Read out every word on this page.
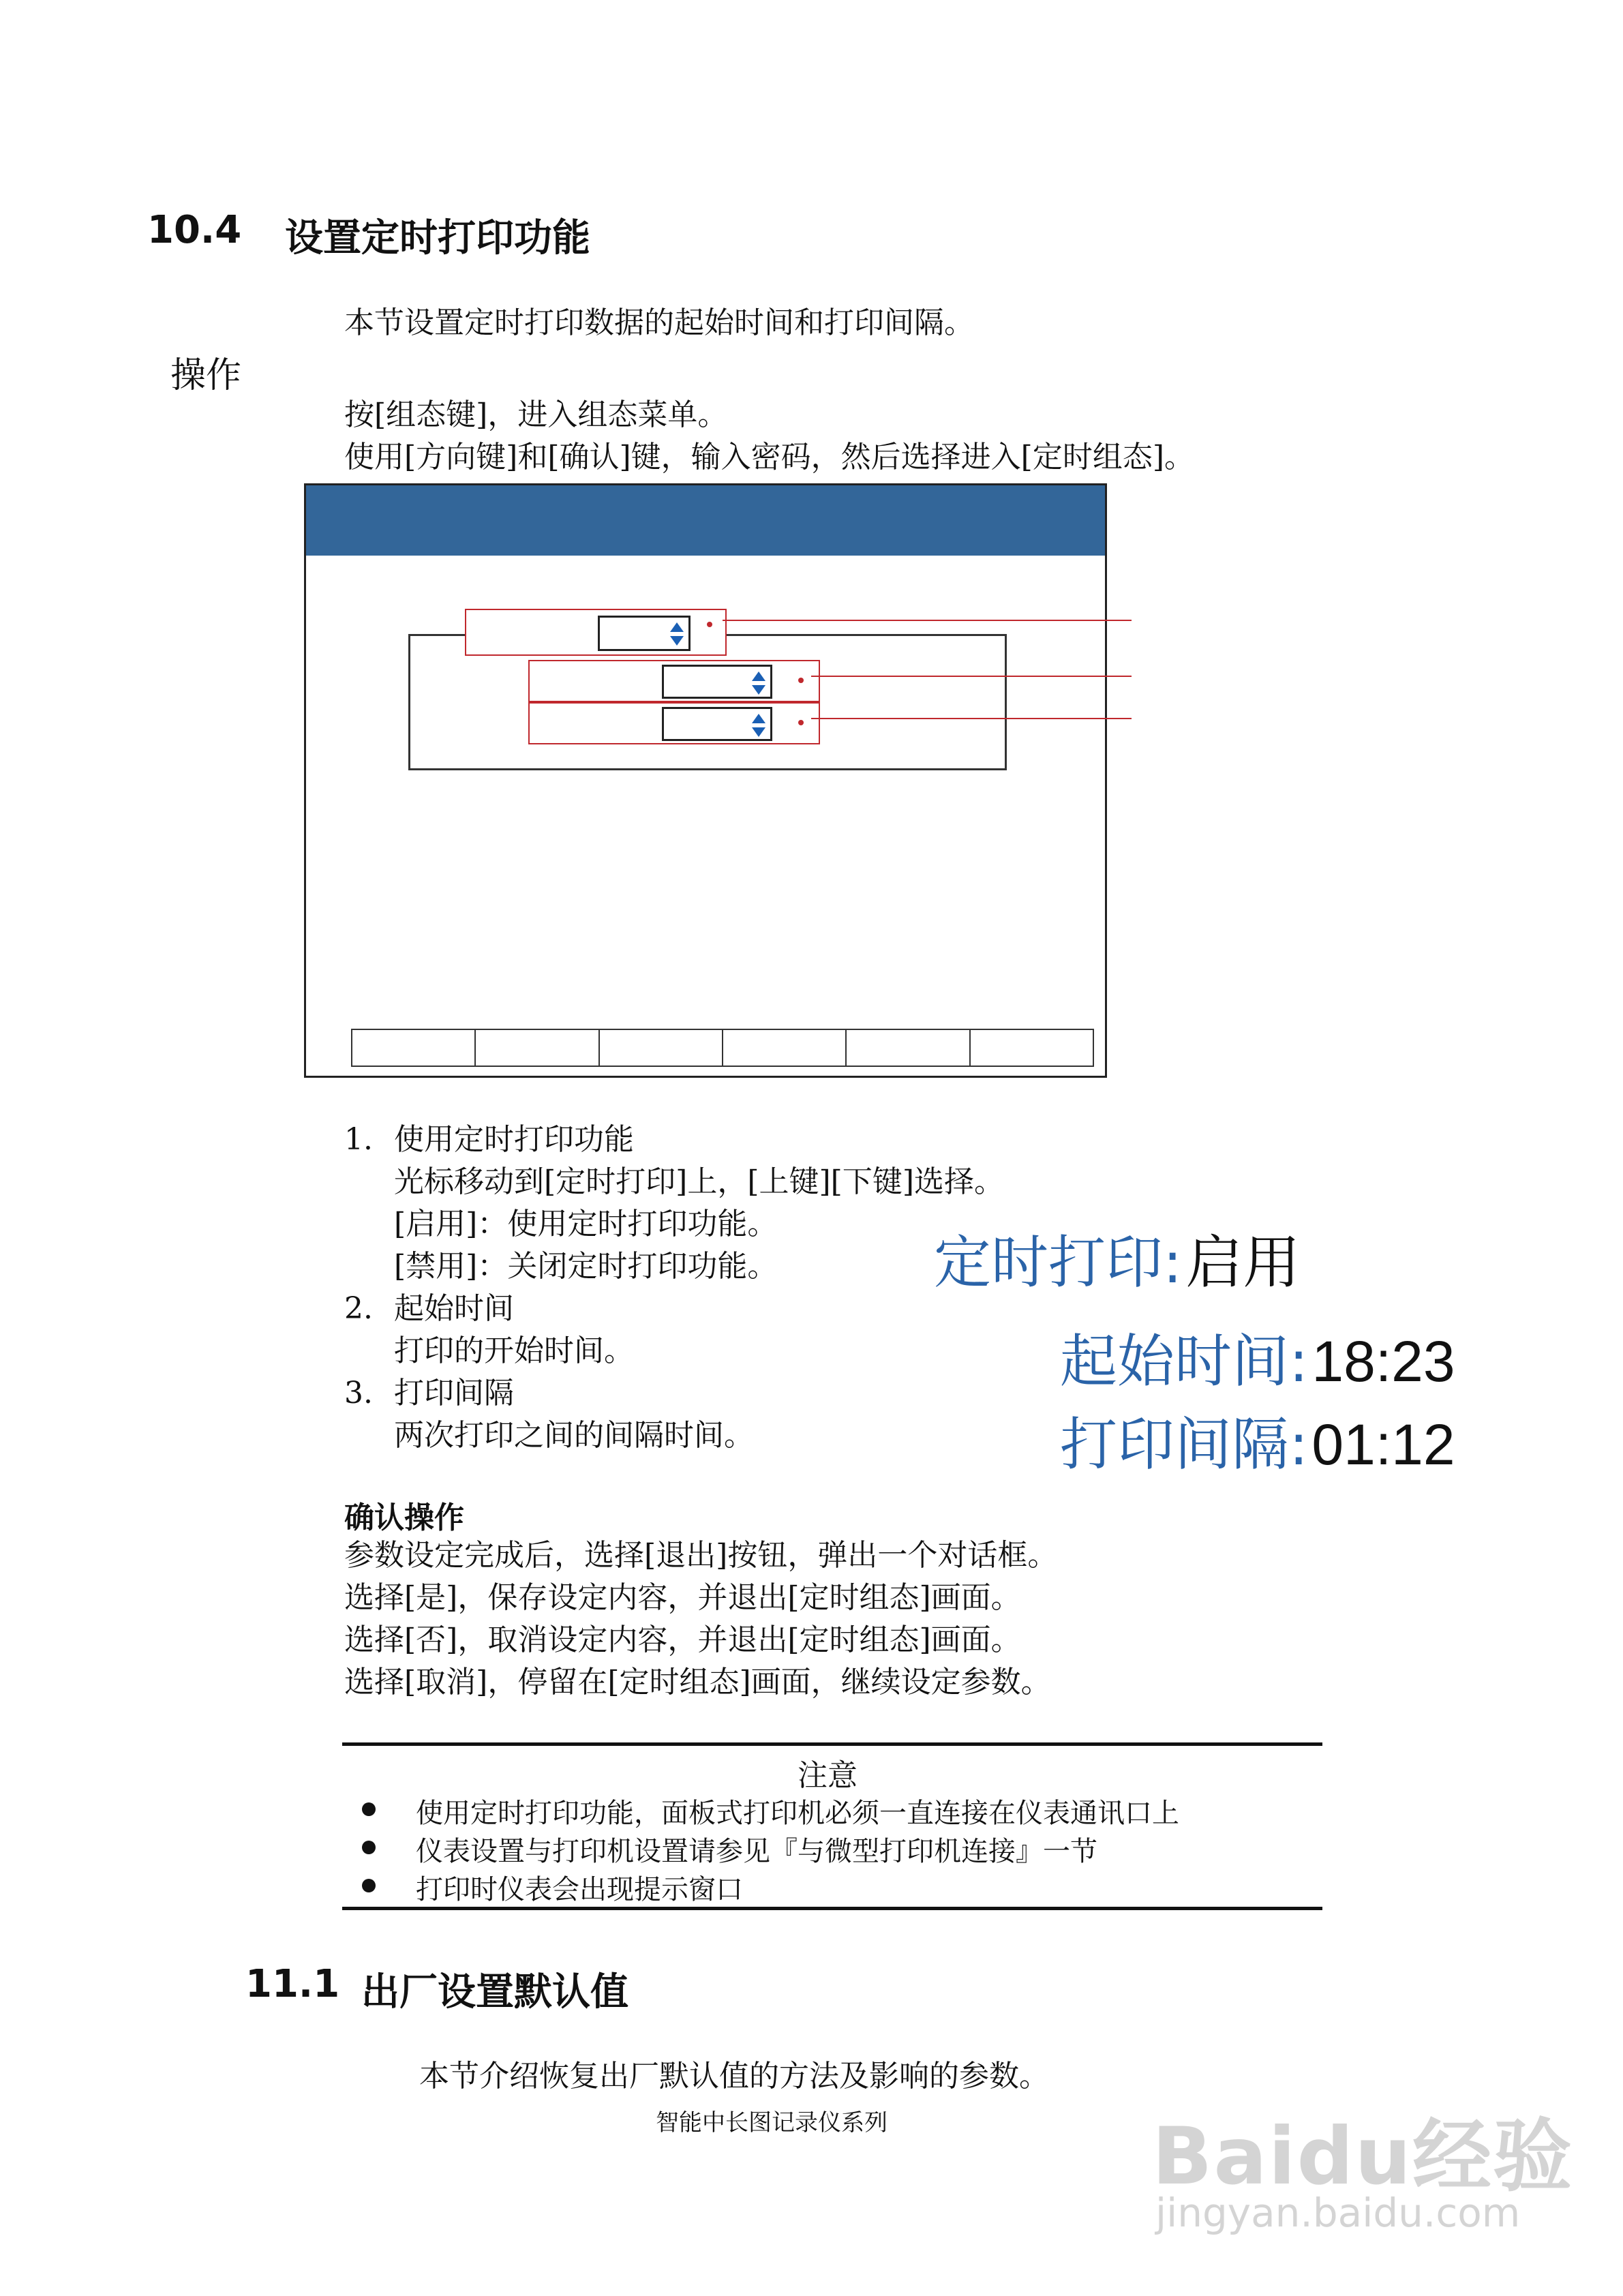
10.4 设置定时打印功能
本节设置定时打印数据的起始时间和打印间隔。
操作
按[组态键]，进入组态菜单。
使用[方向键]和[确认]键，输入密码，然后选择进入[定时组态]。
1. 使用定时打印功能
光标移动到[定时打印]上，[上键][下键]选择。
[启用]：使用定时打印功能。
[禁用]：关闭定时打印功能。
2. 起始时间
打印的开始时间。
3. 打印间隔
两次打印之间的间隔时间。
定时打印: 启用
起始时间: 18:23
打印间隔: 01:12
确认操作
参数设定完成后，选择[退出]按钮，弹出一个对话框。
选择[是]，保存设定内容，并退出[定时组态]画面。
选择[否]，取消设定内容，并退出[定时组态]画面。
选择[取消]，停留在[定时组态]画面，继续设定参数。
注意
使用定时打印功能，面板式打印机必须一直连接在仪表通讯口上
仪表设置与打印机设置请参见『与微型打印机连接』一节
打印时仪表会出现提示窗口
11.1 出厂设置默认值
本节介绍恢复出厂默认值的方法及影响的参数。
智能中长图记录仪系列	Baidu经验
jingyan.baidu.com
